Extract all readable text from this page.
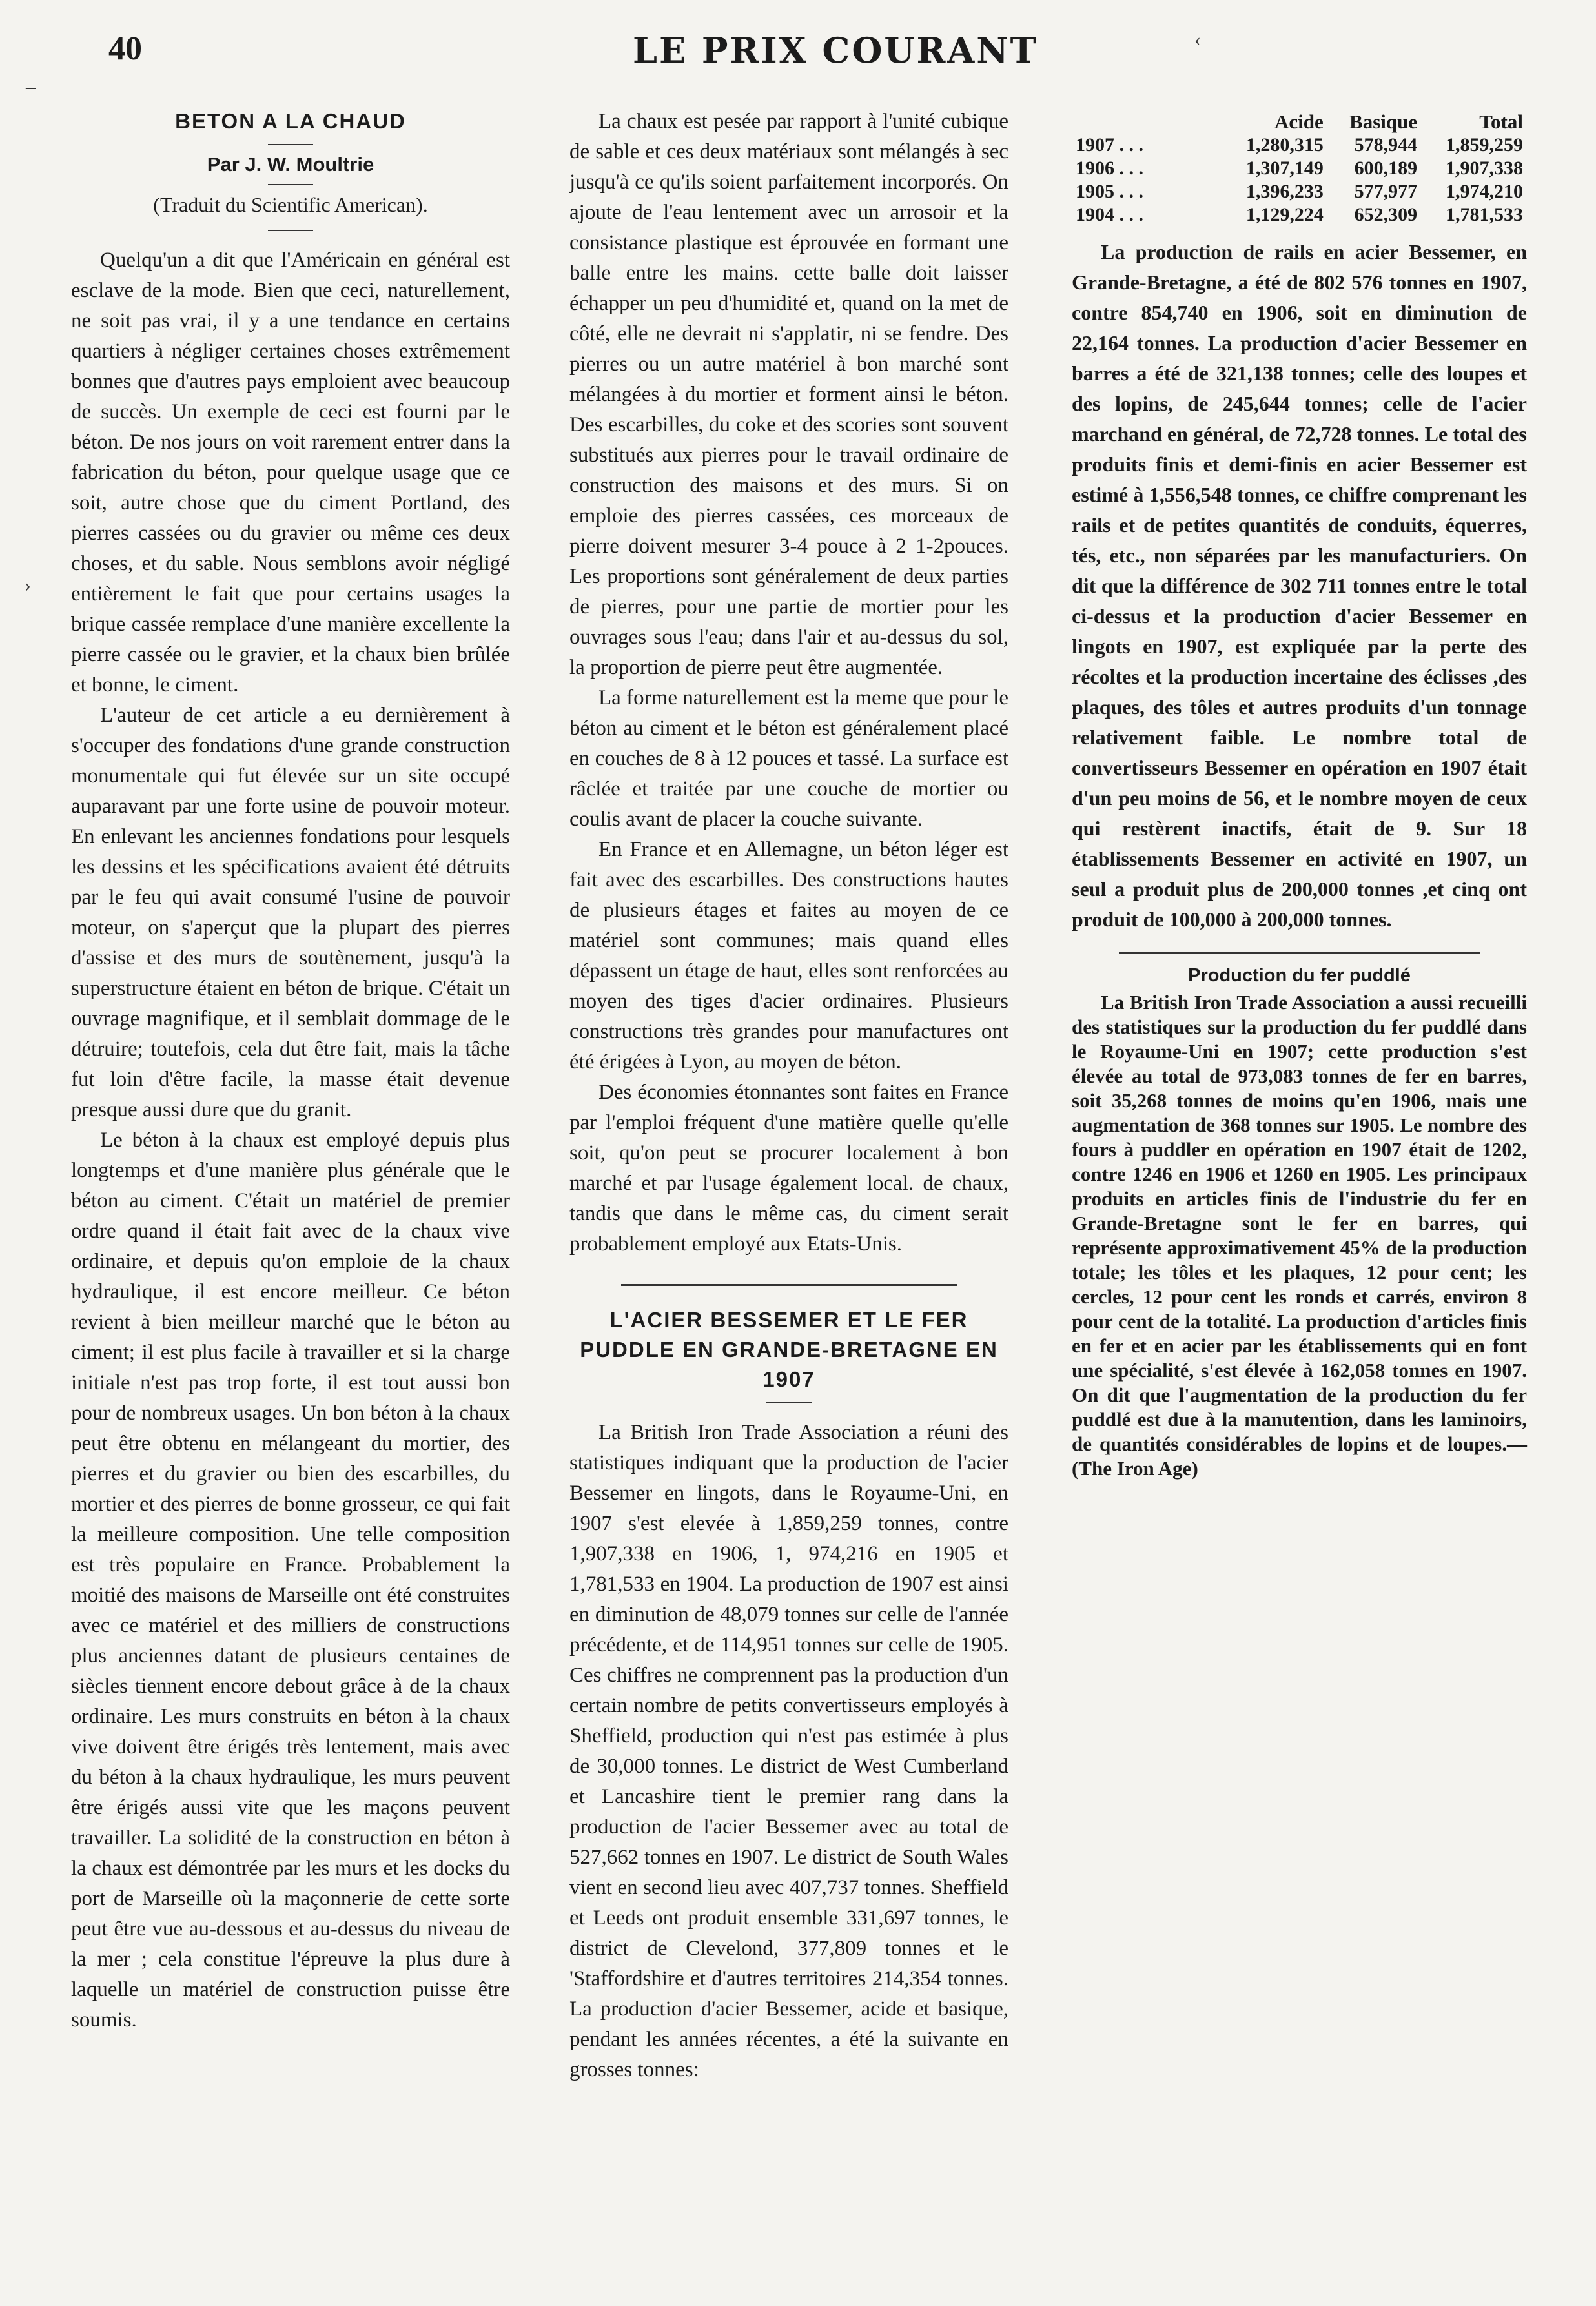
40	LE PRIX COURANT
–
›
‹
BETON A LA CHAUD
Par J. W. Moultrie
(Traduit du Scientific American).

Quelqu'un a dit que l'Américain en général est esclave de la mode. Bien que ceci, naturellement, ne soit pas vrai, il y a une tendance en certains quartiers à négliger certaines choses extrêmement bonnes que d'autres pays emploient avec beaucoup de succès. Un exemple de ceci est fourni par le béton. De nos jours on voit rarement entrer dans la fabrication du béton, pour quelque usage que ce soit, autre chose que du ciment Portland, des pierres cassées ou du gravier ou même ces deux choses, et du sable. Nous semblons avoir négligé entièrement le fait que pour certains usages la brique cassée remplace d'une manière excellente la pierre cassée ou le gravier, et la chaux bien brûlée et bonne, le ciment.

L'auteur de cet article a eu dernièrement à s'occuper des fondations d'une grande construction monumentale qui fut élevée sur un site occupé auparavant par une forte usine de pouvoir moteur. En enlevant les anciennes fondations pour lesquels les dessins et les spécifications avaient été détruits par le feu qui avait consumé l'usine de pouvoir moteur, on s'aperçut que la plupart des pierres d'assise et des murs de soutènement, jusqu'à la superstructure étaient en béton de brique. C'était un ouvrage magnifique, et il semblait dommage de le détruire; toutefois, cela dut être fait, mais la tâche fut loin d'être facile, la masse était devenue presque aussi dure que du granit.

Le béton à la chaux est employé depuis plus longtemps et d'une manière plus générale que le béton au ciment. C'était un matériel de premier ordre quand il était fait avec de la chaux vive ordinaire, et depuis qu'on emploie de la chaux hydraulique, il est encore meilleur. Ce béton revient à bien meilleur marché que le béton au ciment; il est plus facile à travailler et si la charge initiale n'est pas trop forte, il est tout aussi bon pour de nombreux usages. Un bon béton à la chaux peut être obtenu en mélangeant du mortier, des pierres et du gravier ou bien des escarbilles, du mortier et des pierres de bonne grosseur, ce qui fait la meilleure composition. Une telle composition est très populaire en France. Probablement la moitié des maisons de Marseille ont été construites avec ce matériel et des milliers de constructions plus anciennes datant de plusieurs centaines de siècles tiennent encore debout grâce à de la chaux ordinaire. Les murs construits en béton à la chaux vive doivent être érigés très lentement, mais avec du béton à la chaux hydraulique, les murs peuvent être érigés aussi vite que les maçons peuvent travailler. La solidité de la construction en béton à la chaux est démontrée par les murs et les docks du port de Marseille où la maçonnerie de cette sorte peut être vue au-dessous et au-dessus du niveau de la mer ; cela constitue l'épreuve la plus dure à laquelle un matériel de construction puisse être soumis.

La chaux est pesée par rapport à l'unité cubique de sable et ces deux matériaux sont mélangés à sec jusqu'à ce qu'ils soient parfaitement incorporés. On ajoute de l'eau lentement avec un arrosoir et la consistance plastique est éprouvée en formant une balle entre les mains. cette balle doit laisser échapper un peu d'humidité et, quand on la met de côté, elle ne devrait ni s'applatir, ni se fendre. Des pierres ou un autre matériel à bon marché sont mélangées à du mortier et forment ainsi le béton. Des escarbilles, du coke et des scories sont souvent substitués aux pierres pour le travail ordinaire de construction des maisons et des murs. Si on emploie des pierres cassées, ces morceaux de pierre doivent mesurer 3-4 pouce à 2 1-2pouces. Les proportions sont généralement de deux parties de pierres, pour une partie de mortier pour les ouvrages sous l'eau; dans l'air et au-dessus du sol, la proportion de pierre peut être augmentée.

La forme naturellement est la meme que pour le béton au ciment et le béton est généralement placé en couches de 8 à 12 pouces et tassé. La surface est râclée et traitée par une couche de mortier ou coulis avant de placer la couche suivante.

En France et en Allemagne, un béton léger est fait avec des escarbilles. Des constructions hautes de plusieurs étages et faites au moyen de ce matériel sont communes; mais quand elles dépassent un étage de haut, elles sont renforcées au moyen des tiges d'acier ordinaires. Plusieurs constructions très grandes pour manufactures ont été érigées à Lyon, au moyen de béton.

Des économies étonnantes sont faites en France par l'emploi fréquent d'une matière quelle qu'elle soit, qu'on peut se procurer localement à bon marché et par l'usage également local. de chaux, tandis que dans le même cas, du ciment serait probablement employé aux Etats-Unis.

L'ACIER BESSEMER ET LE FER PUDDLE EN GRANDE-BRETAGNE EN 1907

La British Iron Trade Association a réuni des statistiques indiquant que la production de l'acier Bessemer en lingots, dans le Royaume-Uni, en 1907 s'est elevée à 1,859,259 tonnes, contre 1,907,338 en 1906, 1, 974,216 en 1905 et 1,781,533 en 1904. La production de 1907 est ainsi en diminution de 48,079 tonnes sur celle de l'année précédente, et de 114,951 tonnes sur celle de 1905. Ces chiffres ne comprennent pas la production d'un certain nombre de petits convertisseurs employés à Sheffield, production qui n'est pas estimée à plus de 30,000 tonnes. Le district de West Cumberland et Lancashire tient le premier rang dans la production de l'acier Bessemer avec au total de 527,662 tonnes en 1907. Le district de South Wales vient en second lieu avec 407,737 tonnes. Sheffield et Leeds ont produit ensemble 331,697 tonnes, le district de Clevelond, 377,809 tonnes et le 'Staffordshire et d'autres territoires 214,354 tonnes. La production d'acier Bessemer, acide et basique, pendant les années récentes, a été la suivante en grosses tonnes:

	Acide	Basique	Total
1907 . . .	1,280,315	578,944	1,859,259
1906 . . .	1,307,149	600,189	1,907,338
1905 . . .	1,396,233	577,977	1,974,210
1904 . . .	1,129,224	652,309	1,781,533

La production de rails en acier Bessemer, en Grande-Bretagne, a été de 802 576 tonnes en 1907, contre 854,740 en 1906, soit en diminution de 22,164 tonnes. La production d'acier Bessemer en barres a été de 321,138 tonnes; celle des loupes et des lopins, de 245,644 tonnes; celle de l'acier marchand en général, de 72,728 tonnes. Le total des produits finis et demi-finis en acier Bessemer est estimé à 1,556,548 tonnes, ce chiffre comprenant les rails et de petites quantités de conduits, équerres, tés, etc., non séparées par les manufacturiers. On dit que la différence de 302 711 tonnes entre le total ci-dessus et la production d'acier Bessemer en lingots en 1907, est expliquée par la perte des récoltes et la production incertaine des éclisses ,des plaques, des tôles et autres produits d'un tonnage relativement faible. Le nombre total de convertisseurs Bessemer en opération en 1907 était d'un peu moins de 56, et le nombre moyen de ceux qui restèrent inactifs, était de 9. Sur 18 établissements Bessemer en activité en 1907, un seul a produit plus de 200,000 tonnes ,et cinq ont produit de 100,000 à 200,000 tonnes.

Production du fer puddlé

La British Iron Trade Association a aussi recueilli des statistiques sur la production du fer puddlé dans le Royaume-Uni en 1907; cette production s'est élevée au total de 973,083 tonnes de fer en barres, soit 35,268 tonnes de moins qu'en 1906, mais une augmentation de 368 tonnes sur 1905. Le nombre des fours à puddler en opération en 1907 était de 1202, contre 1246 en 1906 et 1260 en 1905. Les principaux produits en articles finis de l'industrie du fer en Grande-Bretagne sont le fer en barres, qui représente approximativement 45% de la production totale; les tôles et les plaques, 12 pour cent; les cercles, 12 pour cent les ronds et carrés, environ 8 pour cent de la totalité. La production d'articles finis en fer et en acier par les établissements qui en font une spécialité, s'est élevée à 162,058 tonnes en 1907. On dit que l'augmentation de la production du fer puddlé est due à la manutention, dans les laminoirs, de quantités considérables de lopins et de loupes.—(The Iron Age)
